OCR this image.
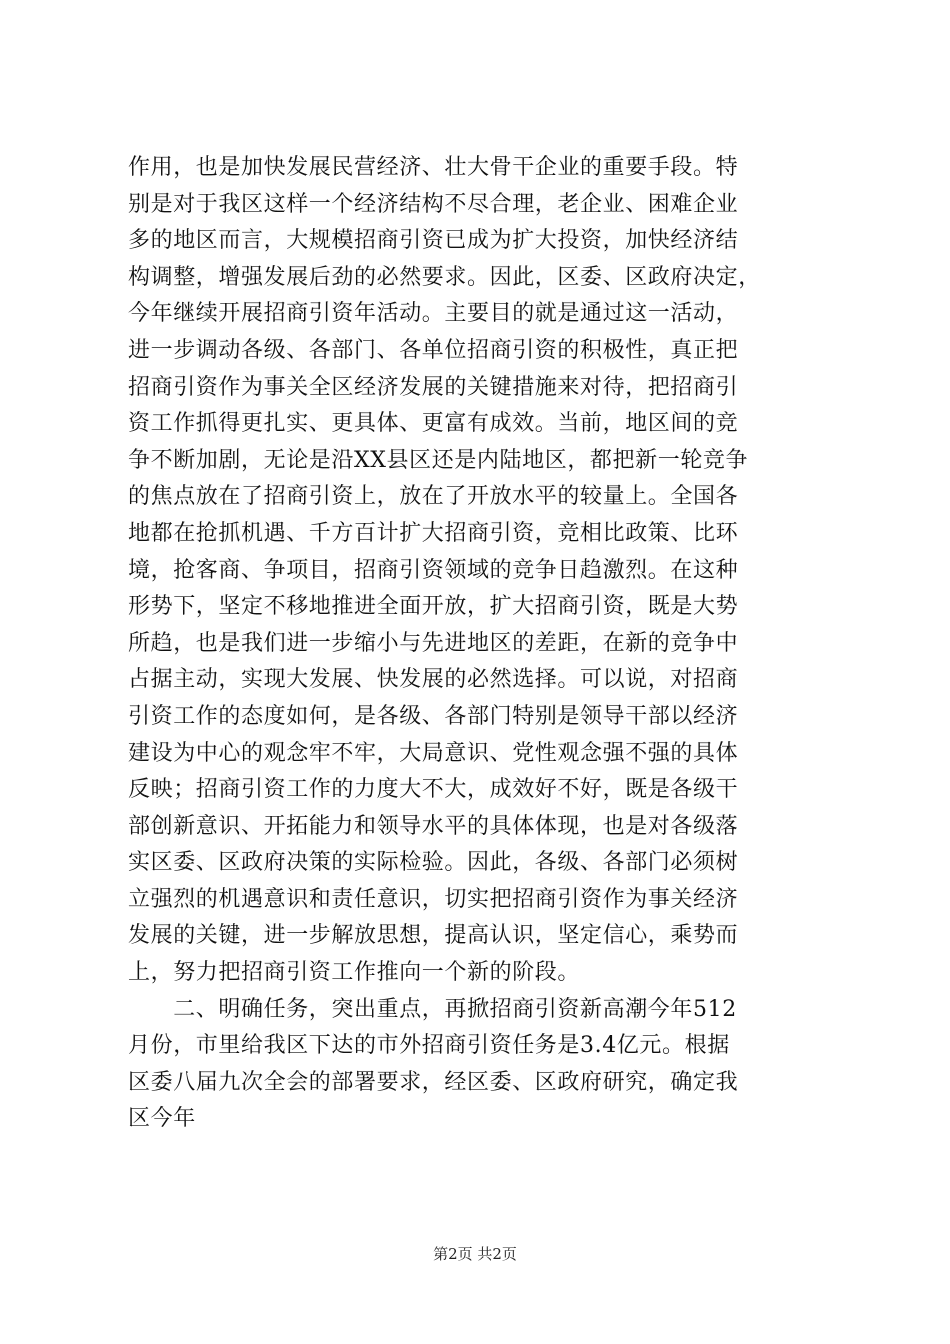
作用，也是加快发展民营经济、壮大骨干企业的重要手段。特
别是对于我区这样一个经济结构不尽合理，老企业、困难企业
多的地区而言，大规模招商引资已成为扩大投资，加快经济结
构调整，增强发展后劲的必然要求。因此，区委、区政府决定，
今年继续开展招商引资年活动。主要目的就是通过这一活动，
进一步调动各级、各部门、各单位招商引资的积极性，真正把
招商引资作为事关全区经济发展的关键措施来对待，把招商引
资工作抓得更扎实、更具体、更富有成效。当前，地区间的竞
争不断加剧，无论是沿XX县区还是内陆地区，都把新一轮竞争
的焦点放在了招商引资上，放在了开放水平的较量上。全国各
地都在抢抓机遇、千方百计扩大招商引资，竞相比政策、比环
境，抢客商、争项目，招商引资领域的竞争日趋激烈。在这种
形势下，坚定不移地推进全面开放，扩大招商引资，既是大势
所趋，也是我们进一步缩小与先进地区的差距，在新的竞争中
占据主动，实现大发展、快发展的必然选择。可以说，对招商
引资工作的态度如何，是各级、各部门特别是领导干部以经济
建设为中心的观念牢不牢，大局意识、党性观念强不强的具体
反映；招商引资工作的力度大不大，成效好不好，既是各级干
部创新意识、开拓能力和领导水平的具体体现，也是对各级落
实区委、区政府决策的实际检验。因此，各级、各部门必须树
立强烈的机遇意识和责任意识，切实把招商引资作为事关经济
发展的关键，进一步解放思想，提高认识，坚定信心，乘势而
上，努力把招商引资工作推向一个新的阶段。
　　二、明确任务，突出重点，再掀招商引资新高潮今年512
月份，市里给我区下达的市外招商引资任务是3.4亿元。根据
区委八届九次全会的部署要求，经区委、区政府研究，确定我
区今年
第2页 共2页
